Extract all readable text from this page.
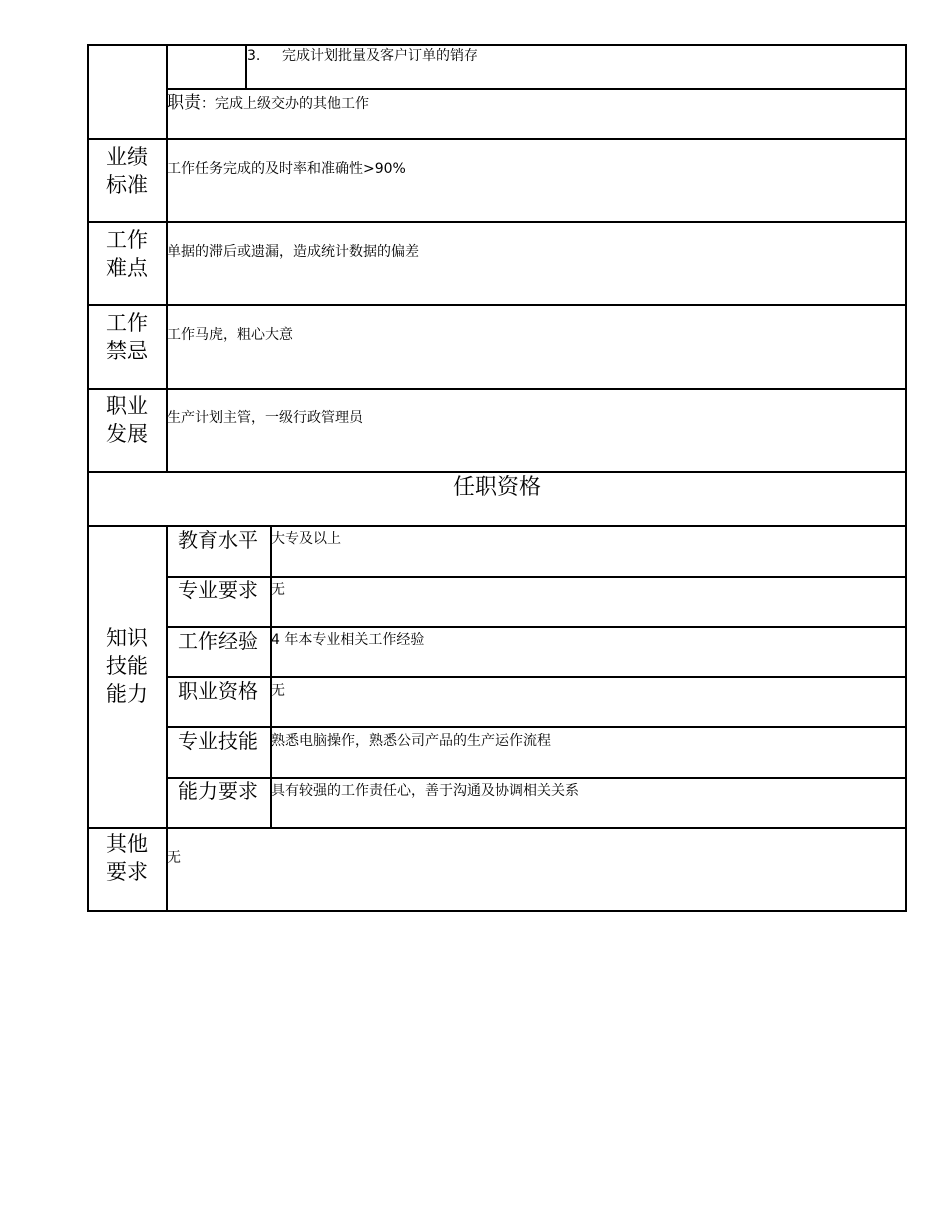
3. 完成计划批量及客户订单的销存
职责 ：完成上级交办的其他工作
业绩
标准
工作任务完成的及时率和准确性>90%
工作
难点
单据的滞后或遗漏，造成统计数据的偏差
工作
禁忌
工作马虎，粗心大意
职业
发展
生产计划主管，一级行政管理员
任职资格
知识
技能
能力
教育水平 大专及以上
专业要求 无
工作经验 4 年本专业相关工作经验
职业资格 无
专业技能 熟悉电脑操作，熟悉公司产品的生产运作流程
能力要求 具有较强的工作责任心，善于沟通及协调相关关系
其他
要求
无
